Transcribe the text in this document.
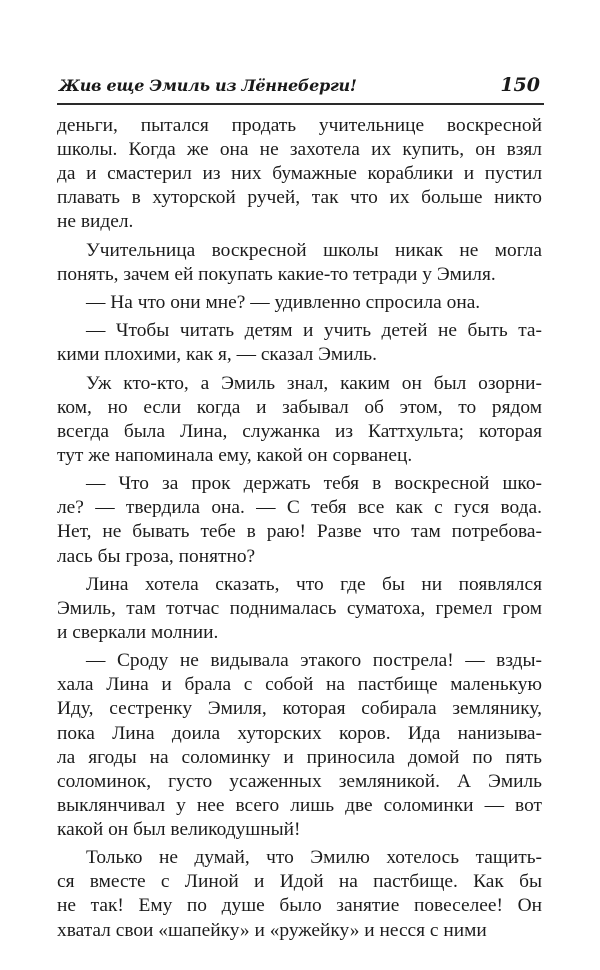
Жив еще Эмиль из Лённеберги!	150

деньги, пытался продать учительнице воскресной
школы. Когда же она не захотела их купить, он взял
да и смастерил из них бумажные кораблики и пустил
плавать в хуторской ручей, так что их больше никто
не видел.

Учительница воскресной школы никак не могла
понять, зачем ей покупать какие-то тетради у Эмиля.

— На что они мне? — удивленно спросила она.

— Чтобы читать детям и учить детей не быть та-
кими плохими, как я, — сказал Эмиль.

Уж кто-кто, а Эмиль знал, каким он был озорни-
ком, но если когда и забывал об этом, то рядом
всегда была Лина, служанка из Каттхульта; которая
тут же напоминала ему, какой он сорванец.

— Что за прок держать тебя в воскресной шко-
ле? — твердила она. — С тебя все как с гуся вода.
Нет, не бывать тебе в раю! Разве что там потребова-
лась бы гроза, понятно?

Лина хотела сказать, что где бы ни появлялся
Эмиль, там тотчас поднималась суматоха, гремел гром
и сверкали молнии.

— Сроду не видывала этакого пострела! — взды-
хала Лина и брала с собой на пастбище маленькую
Иду, сестренку Эмиля, которая собирала землянику,
пока Лина доила хуторских коров. Ида нанизыва-
ла ягоды на соломинку и приносила домой по пять
соломинок, густо усаженных земляникой. А Эмиль
выклянчивал у нее всего лишь две соломинки — вот
какой он был великодушный!

Только не думай, что Эмилю хотелось тащить-
ся вместе с Линой и Идой на пастбище. Как бы
не так! Ему по душе было занятие повеселее! Он
хватал свои «шапейку» и «ружейку» и несся с ними
